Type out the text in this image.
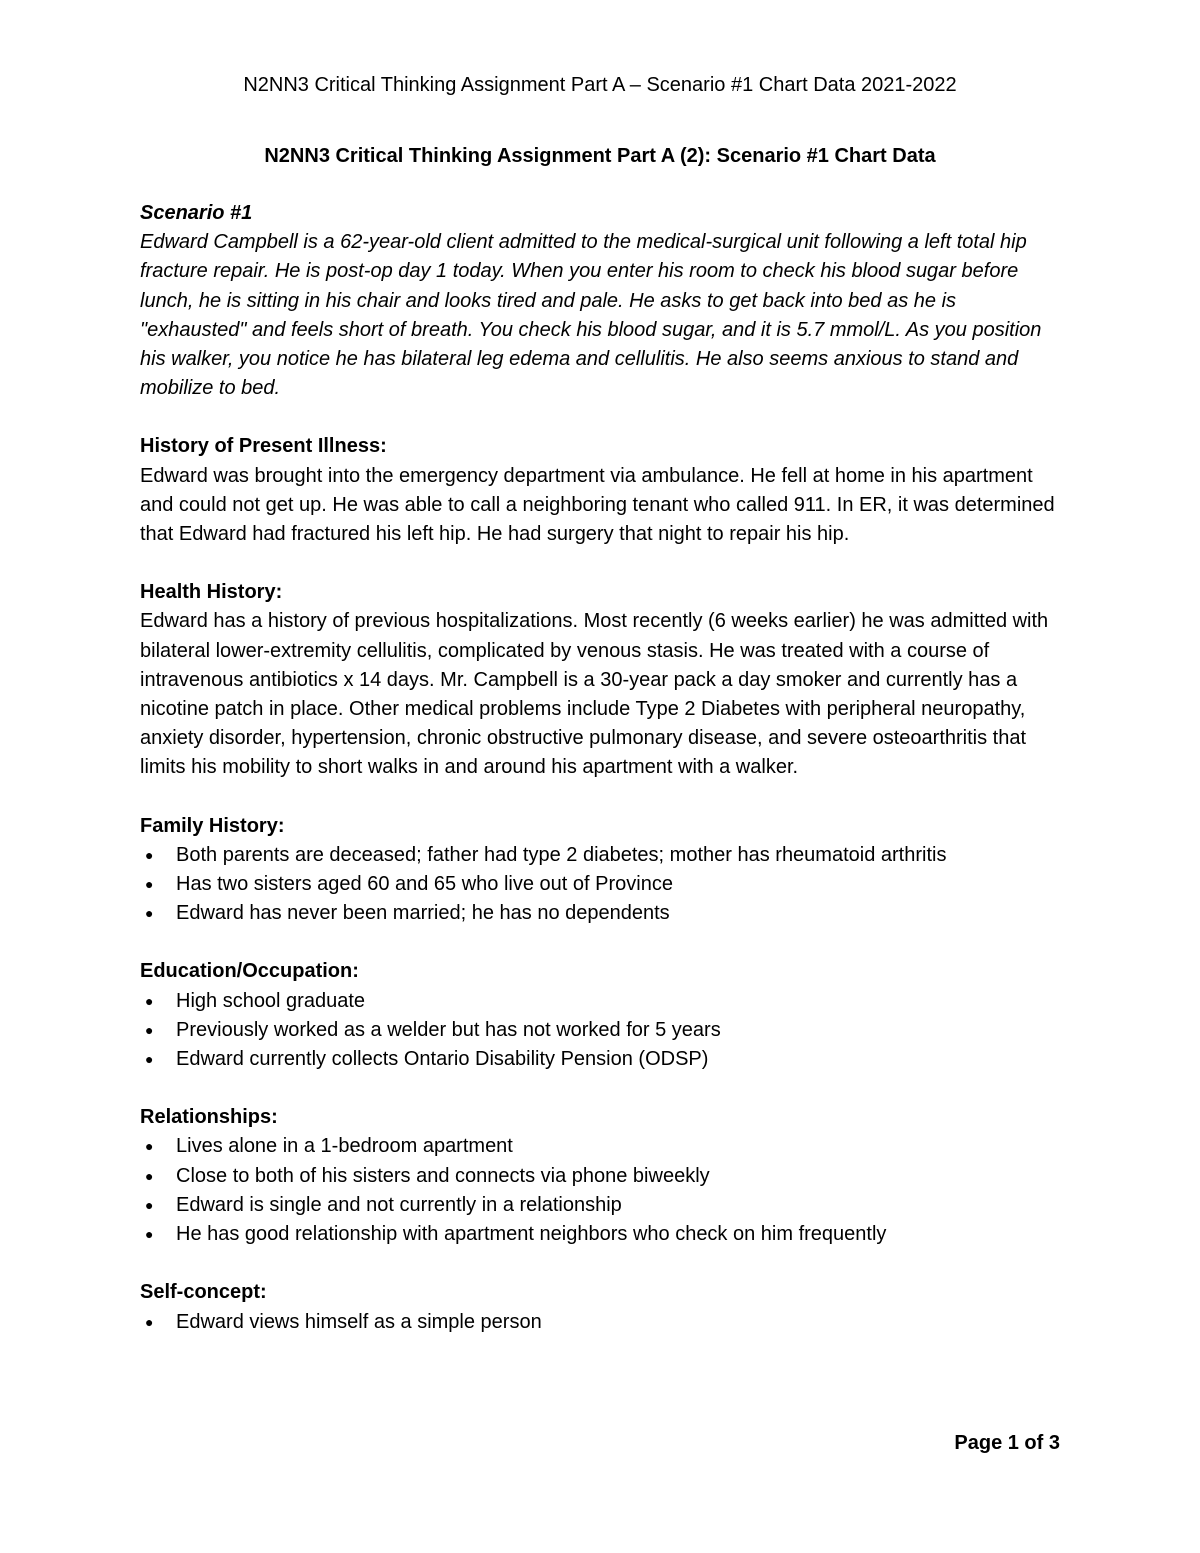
N2NN3 Critical Thinking Assignment Part A – Scenario #1 Chart Data 2021-2022
N2NN3 Critical Thinking Assignment Part A (2): Scenario #1 Chart Data

Scenario #1

Edward Campbell is a 62-year-old client admitted to the medical-surgical unit following a left total hip fracture repair. He is post-op day 1 today. When you enter his room to check his blood sugar before lunch, he is sitting in his chair and looks tired and pale. He asks to get back into bed as he is "exhausted" and feels short of breath. You check his blood sugar, and it is 5.7 mmol/L. As you position his walker, you notice he has bilateral leg edema and cellulitis. He also seems anxious to stand and mobilize to bed.

History of Present Illness:

Edward was brought into the emergency department via ambulance. He fell at home in his apartment and could not get up. He was able to call a neighboring tenant who called 911. In ER, it was determined that Edward had fractured his left hip. He had surgery that night to repair his hip.

Health History:

Edward has a history of previous hospitalizations. Most recently (6 weeks earlier) he was admitted with bilateral lower-extremity cellulitis, complicated by venous stasis. He was treated with a course of intravenous antibiotics x 14 days. Mr. Campbell is a 30-year pack a day smoker and currently has a nicotine patch in place. Other medical problems include Type 2 Diabetes with peripheral neuropathy, anxiety disorder, hypertension, chronic obstructive pulmonary disease, and severe osteoarthritis that limits his mobility to short walks in and around his apartment with a walker.

Family History:

● Both parents are deceased; father had type 2 diabetes; mother has rheumatoid arthritis
● Has two sisters aged 60 and 65 who live out of Province
● Edward has never been married; he has no dependents

Education/Occupation:

● High school graduate
● Previously worked as a welder but has not worked for 5 years
● Edward currently collects Ontario Disability Pension (ODSP)

Relationships:

● Lives alone in a 1-bedroom apartment
● Close to both of his sisters and connects via phone biweekly
● Edward is single and not currently in a relationship
● He has good relationship with apartment neighbors who check on him frequently

Self-concept:

● Edward views himself as a simple person
Page 1 of 3
